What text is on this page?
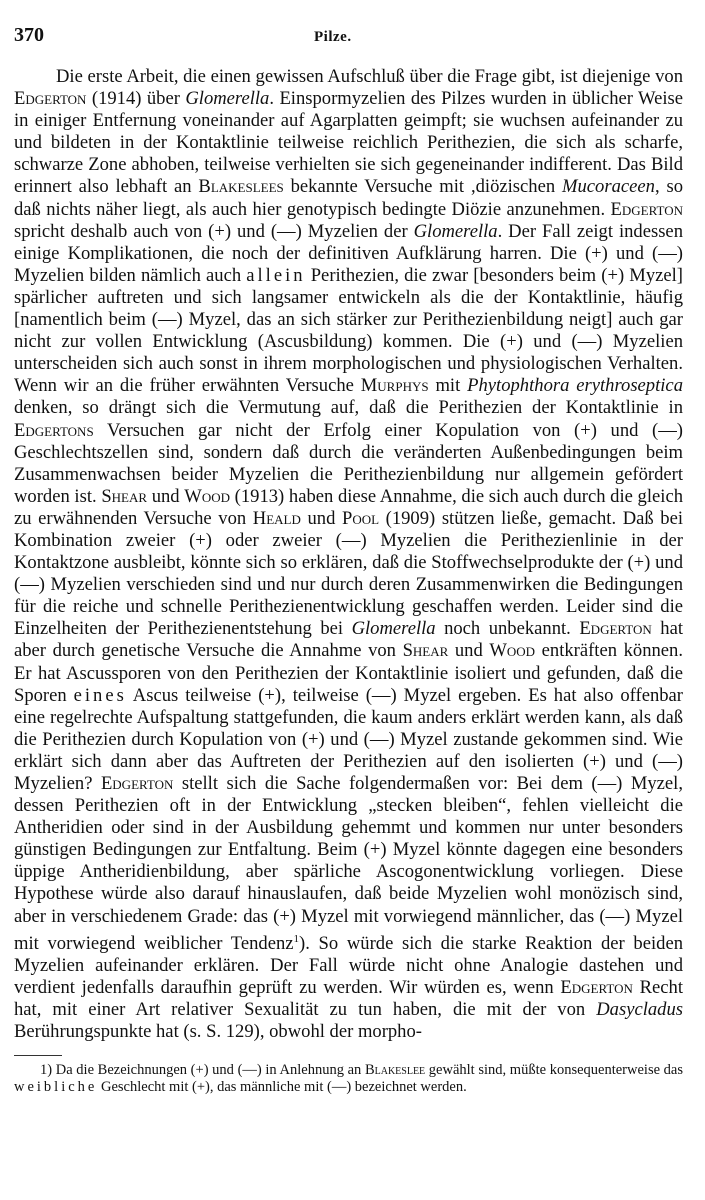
370	Pilze.

Die erste Arbeit, die einen gewissen Aufschluß über die Frage gibt, ist diejenige von Edgerton (1914) über Glomerella. Einspormyzelien des Pilzes wurden in üblicher Weise in einiger Entfernung voneinander auf Agarplatten geimpft; sie wuchsen aufeinander zu und bildeten in der Kontaktlinie teilweise reichlich Perithezien, die sich als scharfe, schwarze Zone abhoben, teilweise verhielten sie sich gegeneinander indifferent. Das Bild erinnert also lebhaft an Blakeslees bekannte Versuche mit ,diözischen Mucoraceen, so daß nichts näher liegt, als auch hier genotypisch bedingte Diözie anzunehmen. Edgerton spricht deshalb auch von (+) und (—) Myzelien der Glomerella. Der Fall zeigt indessen einige Komplikationen, die noch der definitiven Aufklärung harren. Die (+) und (—) Myzelien bilden nämlich auch allein Perithezien, die zwar [besonders beim (+) Myzel] spärlicher auftreten und sich langsamer entwickeln als die der Kontaktlinie, häufig [namentlich beim (—) Myzel, das an sich stärker zur Perithezienbildung neigt] auch gar nicht zur vollen Entwicklung (Ascusbildung) kommen. Die (+) und (—) Myzelien unterscheiden sich auch sonst in ihrem morphologischen und physiologischen Verhalten. Wenn wir an die früher erwähnten Versuche Murphys mit Phytophthora erythroseptica denken, so drängt sich die Vermutung auf, daß die Perithezien der Kontaktlinie in Edgertons Versuchen gar nicht der Erfolg einer Kopulation von (+) und (—) Geschlechtszellen sind, sondern daß durch die veränderten Außenbedingungen beim Zusammenwachsen beider Myzelien die Perithezienbildung nur allgemein gefördert worden ist. Shear und Wood (1913) haben diese Annahme, die sich auch durch die gleich zu erwähnenden Versuche von Heald und Pool (1909) stützen ließe, gemacht. Daß bei Kombination zweier (+) oder zweier (—) Myzelien die Perithezienlinie in der Kontaktzone ausbleibt, könnte sich so erklären, daß die Stoffwechselprodukte der (+) und (—) Myzelien verschieden sind und nur durch deren Zusammenwirken die Bedingungen für die reiche und schnelle Perithezienentwicklung geschaffen werden. Leider sind die Einzelheiten der Perithezienentstehung bei Glomerella noch unbekannt. Edgerton hat aber durch genetische Versuche die Annahme von Shear und Wood entkräften können. Er hat Ascussporen von den Perithezien der Kontaktlinie isoliert und gefunden, daß die Sporen eines Ascus teilweise (+), teilweise (—) Myzel ergeben. Es hat also offenbar eine regelrechte Aufspaltung stattgefunden, die kaum anders erklärt werden kann, als daß die Perithezien durch Kopulation von (+) und (—) Myzel zustande gekommen sind. Wie erklärt sich dann aber das Auftreten der Perithezien auf den isolierten (+) und (—) Myzelien? Edgerton stellt sich die Sache folgendermaßen vor: Bei dem (—) Myzel, dessen Perithezien oft in der Entwicklung „stecken bleiben“, fehlen vielleicht die Antheridien oder sind in der Ausbildung gehemmt und kommen nur unter besonders günstigen Bedingungen zur Entfaltung. Beim (+) Myzel könnte dagegen eine besonders üppige Antheridienbildung, aber spärliche Ascogonentwicklung vorliegen. Diese Hypothese würde also darauf hinauslaufen, daß beide Myzelien wohl monözisch sind, aber in verschiedenem Grade: das (+) Myzel mit vorwiegend männlicher, das (—) Myzel mit vorwiegend weiblicher Tendenz$^1$). So würde sich die starke Reaktion der beiden Myzelien aufeinander erklären. Der Fall würde nicht ohne Analogie dastehen und verdient jedenfalls daraufhin geprüft zu werden. Wir würden es, wenn Edgerton Recht hat, mit einer Art relativer Sexualität zu tun haben, die mit der von Dasycladus Berührungspunkte hat (s. S. 129), obwohl der morpho-

1) Da die Bezeichnungen (+) und (—) in Anlehnung an Blakeslee gewählt sind, müßte konsequenterweise das weibliche Geschlecht mit (+), das männliche mit (—) bezeichnet werden.
